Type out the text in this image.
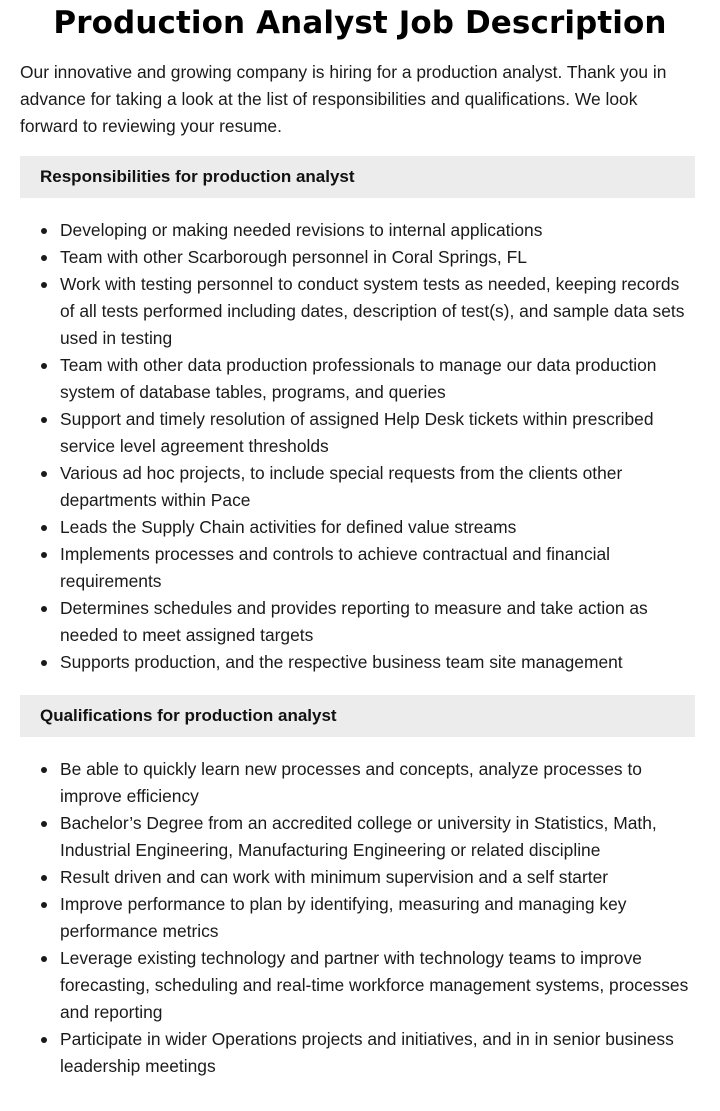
Production Analyst Job Description

Our innovative and growing company is hiring for a production analyst. Thank you in advance for taking a look at the list of responsibilities and qualifications. We look forward to reviewing your resume.

Responsibilities for production analyst
Developing or making needed revisions to internal applications
Team with other Scarborough personnel in Coral Springs, FL
Work with testing personnel to conduct system tests as needed, keeping records of all tests performed including dates, description of test(s), and sample data sets used in testing
Team with other data production professionals to manage our data production system of database tables, programs, and queries
Support and timely resolution of assigned Help Desk tickets within prescribed service level agreement thresholds
Various ad hoc projects, to include special requests from the clients other departments within Pace
Leads the Supply Chain activities for defined value streams
Implements processes and controls to achieve contractual and financial requirements
Determines schedules and provides reporting to measure and take action as needed to meet assigned targets
Supports production, and the respective business team site management
Qualifications for production analyst
Be able to quickly learn new processes and concepts, analyze processes to improve efficiency
Bachelor’s Degree from an accredited college or university in Statistics, Math, Industrial Engineering, Manufacturing Engineering or related discipline
Result driven and can work with minimum supervision and a self starter
Improve performance to plan by identifying, measuring and managing key performance metrics
Leverage existing technology and partner with technology teams to improve forecasting, scheduling and real-time workforce management systems, processes and reporting
Participate in wider Operations projects and initiatives, and in in senior business leadership meetings
